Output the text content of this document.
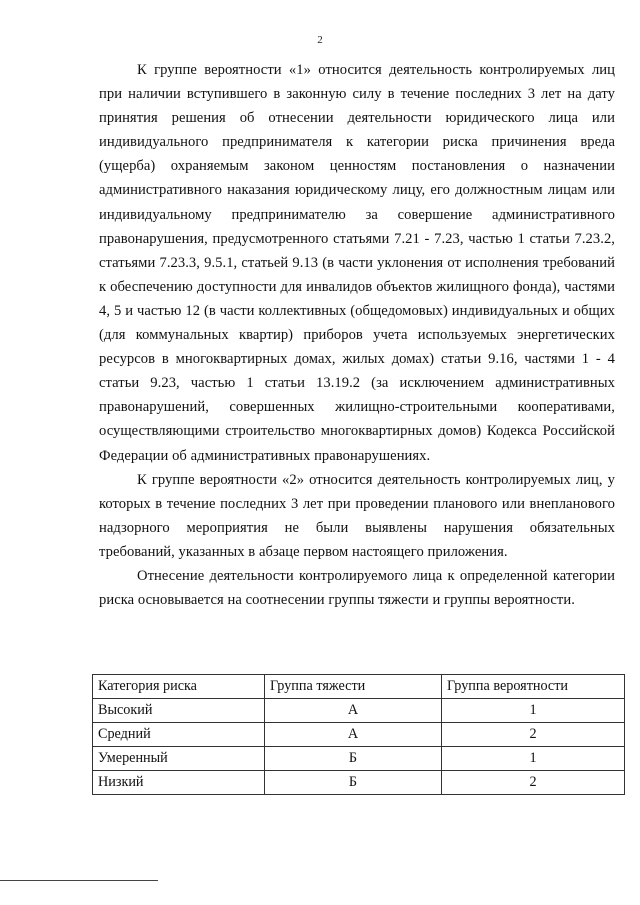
2

К группе вероятности «1» относится деятельность контролируемых лиц при наличии вступившего в законную силу в течение последних 3 лет на дату принятия решения об отнесении деятельности юридического лица или индивидуального предпринимателя к категории риска причинения вреда (ущерба) охраняемым законом ценностям постановления о назначении административного наказания юридическому лицу, его должностным лицам или индивидуальному предпринимателю за совершение административного правонарушения, предусмотренного статьями 7.21 - 7.23, частью 1 статьи 7.23.2, статьями 7.23.3, 9.5.1, статьей 9.13 (в части уклонения от исполнения требований к обеспечению доступности для инвалидов объектов жилищного фонда), частями 4, 5 и частью 12 (в части коллективных (общедомовых) индивидуальных и общих (для коммунальных квартир) приборов учета используемых энергетических ресурсов в многоквартирных домах, жилых домах) статьи 9.16, частями 1 - 4 статьи 9.23, частью 1 статьи 13.19.2 (за исключением административных правонарушений, совершенных жилищно-строительными кооперативами, осуществляющими строительство многоквартирных домов) Кодекса Российской Федерации об административных правонарушениях.

К группе вероятности «2» относится деятельность контролируемых лиц, у которых в течение последних 3 лет при проведении планового или внепланового надзорного мероприятия не были выявлены нарушения обязательных требований, указанных в абзаце первом настоящего приложения.

Отнесение деятельности контролируемого лица к определенной категории риска основывается на соотнесении группы тяжести и группы вероятности.

Категория риска	Группа тяжести	Группа вероятности
Высокий	А	1
Средний	А	2
Умеренный	Б	1
Низкий	Б	2
